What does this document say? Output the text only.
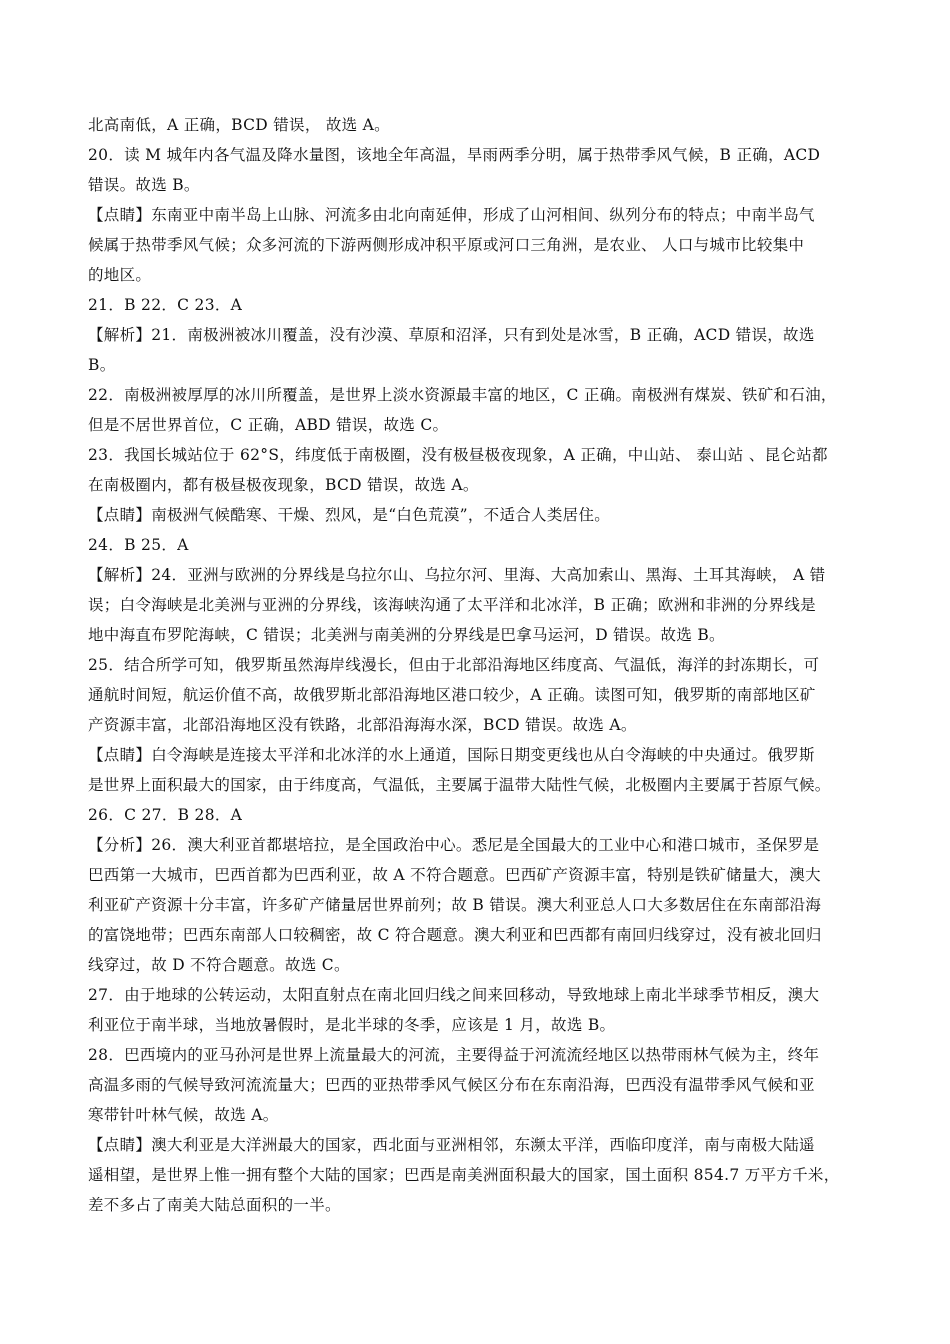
北高南低，A 正确，BCD 错误， 故选 A。
20．读 M 城年内各气温及降水量图，该地全年高温，旱雨两季分明，属于热带季风气候，B 正确，ACD
错误。故选 B。
【点睛】东南亚中南半岛上山脉、河流多由北向南延伸，形成了山河相间、纵列分布的特点；中南半岛气
候属于热带季风气候；众多河流的下游两侧形成冲积平原或河口三角洲，是农业、 人口与城市比较集中
的地区。
21．B 22．C 23．A
【解析】21．南极洲被冰川覆盖，没有沙漠、草原和沼泽，只有到处是冰雪，B 正确，ACD 错误，故选
B。
22．南极洲被厚厚的冰川所覆盖，是世界上淡水资源最丰富的地区，C 正确。南极洲有煤炭、铁矿和石油，
但是不居世界首位，C 正确，ABD 错误，故选 C。
23．我国长城站位于 62°S，纬度低于南极圈，没有极昼极夜现象，A 正确，中山站、 泰山站 、昆仑站都
在南极圈内，都有极昼极夜现象，BCD 错误，故选 A。
【点睛】南极洲气候酷寒、干燥、烈风，是“白色荒漠”，不适合人类居住。
24．B 25．A
【解析】24．亚洲与欧洲的分界线是乌拉尔山、乌拉尔河、里海、大高加索山、黑海、土耳其海峡， A 错
误；白令海峡是北美洲与亚洲的分界线，该海峡沟通了太平洋和北冰洋，B 正确；欧洲和非洲的分界线是
地中海直布罗陀海峡，C 错误；北美洲与南美洲的分界线是巴拿马运河，D 错误。故选 B。
25．结合所学可知，俄罗斯虽然海岸线漫长，但由于北部沿海地区纬度高、气温低，海洋的封冻期长，可
通航时间短，航运价值不高，故俄罗斯北部沿海地区港口较少，A 正确。读图可知，俄罗斯的南部地区矿
产资源丰富，北部沿海地区没有铁路，北部沿海海水深，BCD 错误。故选 A。
【点睛】白令海峡是连接太平洋和北冰洋的水上通道，国际日期变更线也从白令海峡的中央通过。俄罗斯
是世界上面积最大的国家，由于纬度高，气温低，主要属于温带大陆性气候，北极圈内主要属于苔原气候。
26．C 27．B 28．A
【分析】26．澳大利亚首都堪培拉，是全国政治中心。悉尼是全国最大的工业中心和港口城市，圣保罗是
巴西第一大城市，巴西首都为巴西利亚，故 A 不符合题意。巴西矿产资源丰富，特别是铁矿储量大，澳大
利亚矿产资源十分丰富，许多矿产储量居世界前列；故 B 错误。澳大利亚总人口大多数居住在东南部沿海
的富饶地带；巴西东南部人口较稠密，故 C 符合题意。澳大利亚和巴西都有南回归线穿过，没有被北回归
线穿过，故 D 不符合题意。故选 C。
27．由于地球的公转运动，太阳直射点在南北回归线之间来回移动，导致地球上南北半球季节相反，澳大
利亚位于南半球，当地放暑假时，是北半球的冬季，应该是 1 月，故选 B。
28．巴西境内的亚马孙河是世界上流量最大的河流，主要得益于河流流经地区以热带雨林气候为主，终年
高温多雨的气候导致河流流量大；巴西的亚热带季风气候区分布在东南沿海，巴西没有温带季风气候和亚
寒带针叶林气候，故选 A。
【点睛】澳大利亚是大洋洲最大的国家，西北面与亚洲相邻，东濒太平洋，西临印度洋，南与南极大陆遥
遥相望，是世界上惟一拥有整个大陆的国家；巴西是南美洲面积最大的国家，国土面积 854.7 万平方千米，
差不多占了南美大陆总面积的一半。
